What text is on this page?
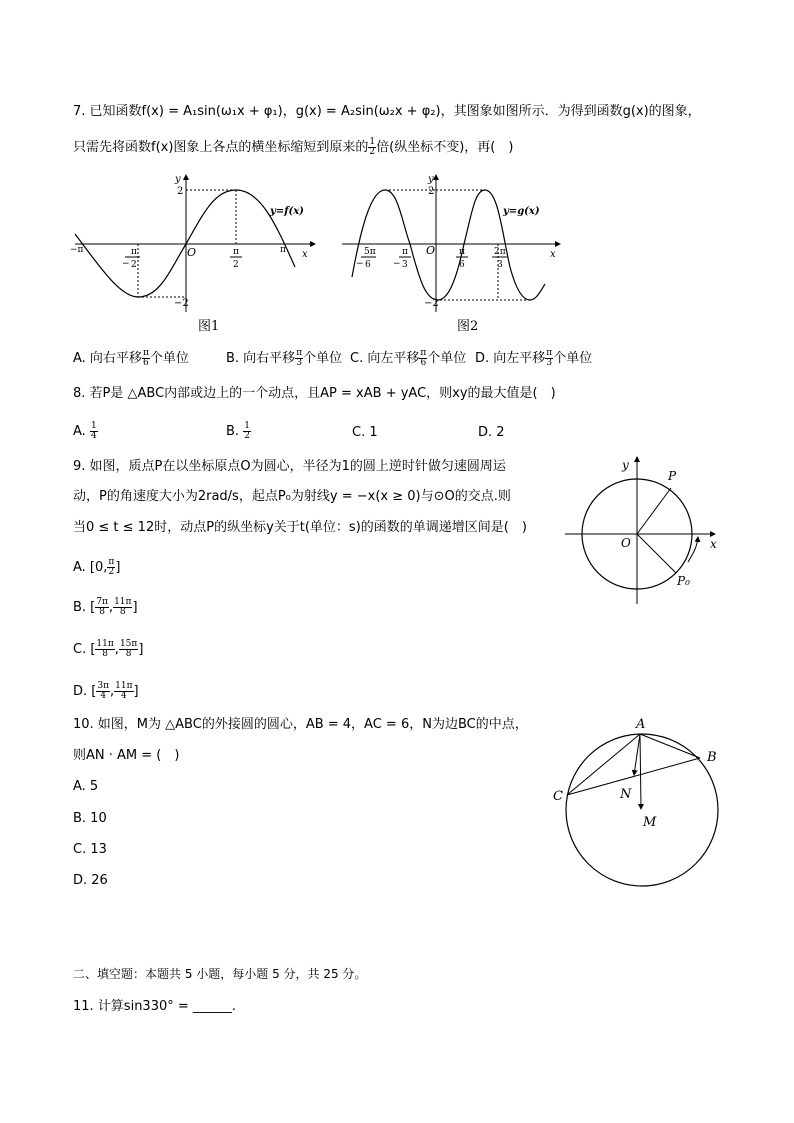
7. 已知函数f(x) = A₁sin(ω₁x + φ₁)，g(x) = A₂sin(ω₂x + φ₂)，其图象如图所示．为得到函数g(x)的图象，
只需先将函数f(x)图象上各点的横坐标缩短到原来的 $\frac{1}{2}$ 倍(纵坐标不变)，再(　)
y
x
O
2
−2
−π	π
π
− 2
π
2
y=f(x)
图1
y
x
O
2
−2
5π
− 6
π
− 3
π
6
2π
3
y=g(x)
图2
A. 向右平移 $\frac{\pi}{6}$ 个单位	B. 向右平移 $\frac{\pi}{3}$ 个单位 C. 向左平移 $\frac{\pi}{6}$ 个单位 D. 向左平移 $\frac{\pi}{3}$ 个单位
8. 若P是 △ABC内部或边上的一个动点，且AP = xAB + yAC，则xy的最大值是(　)
A. $\frac{1}{4}$	B. $\frac{1}{2}$	C. 1	D. 2
9. 如图，质点P在以坐标原点O为圆心，半径为1的圆上逆时针做匀速圆周运
动，P的角速度大小为2rad/s，起点P₀为射线y = −x(x ≥ 0)与⊙O的交点.则
当0 ≤ t ≤ 12时，动点P的纵坐标y关于t(单位：s)的函数的单调递增区间是(　)
A. [0, $\frac{\pi}{2}$ ]
B. [ $\frac{7\pi}{8}$ , $\frac{11\pi}{8}$ ]
C. [ $\frac{11\pi}{8}$ , $\frac{15\pi}{8}$ ]
D. [ $\frac{3\pi}{4}$ , $\frac{11\pi}{4}$ ]
y
x
O
P
P₀
10. 如图，M为 △ABC的外接圆的圆心，AB = 4，AC = 6，N为边BC的中点，
则AN · AM = (　)
A. 5
B. 10
C. 13
D. 26
A
B
C	N
M
二、填空题：本题共 5 小题，每小题 5 分，共 25 分。
11. 计算sin330° = ______.
